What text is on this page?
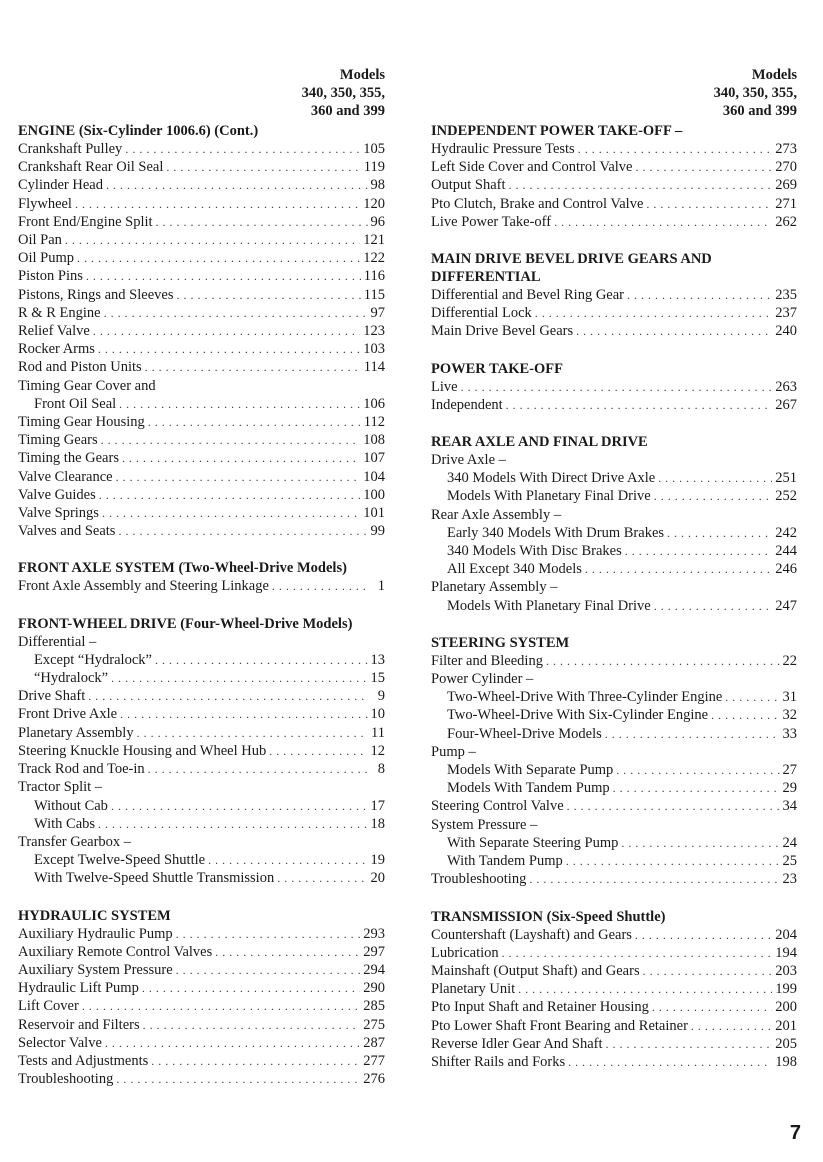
Models
340, 350, 355,
360 and 399
ENGINE (Six-Cylinder 1006.6) (Cont.)
Crankshaft Pulley . . .	105
Crankshaft Rear Oil Seal . . .	119
Cylinder Head . . .	98
Flywheel . . .	120
Front End/Engine Split . . .	96
Oil Pan . . .	121
Oil Pump . . .	122
Piston Pins . . .	116
Pistons, Rings and Sleeves . . .	115
R & R Engine . . .	97
Relief Valve . . .	123
Rocker Arms . . .	103
Rod and Piston Units . . .	114
Timing Gear Cover and
Front Oil Seal . . .	106
Timing Gear Housing . . .	112
Timing Gears . . .	108
Timing the Gears . . .	107
Valve Clearance . . .	104
Valve Guides . . .	100
Valve Springs . . .	101
Valves and Seats . . .	99
FRONT AXLE SYSTEM (Two-Wheel-Drive Models)
Front Axle Assembly and Steering Linkage . . .	1
FRONT-WHEEL DRIVE (Four-Wheel-Drive Models)
Differential –
Except “Hydralock” . . .	13
“Hydralock” . . .	15
Drive Shaft . . .	9
Front Drive Axle . . .	10
Planetary Assembly . . .	11
Steering Knuckle Housing and Wheel Hub . . .	12
Track Rod and Toe-in . . .	8
Tractor Split –
Without Cab . . .	17
With Cabs . . .	18
Transfer Gearbox –
Except Twelve-Speed Shuttle . . .	19
With Twelve-Speed Shuttle Transmission . . .	20
HYDRAULIC SYSTEM
Auxiliary Hydraulic Pump . . .	293
Auxiliary Remote Control Valves . . .	297
Auxiliary System Pressure . . .	294
Hydraulic Lift Pump . . .	290
Lift Cover . . .	285
Reservoir and Filters . . .	275
Selector Valve . . .	287
Tests and Adjustments . . .	277
Troubleshooting . . .	276
Models
340, 350, 355,
360 and 399
INDEPENDENT POWER TAKE-OFF –
Hydraulic Pressure Tests . . .	273
Left Side Cover and Control Valve . . .	270
Output Shaft . . .	269
Pto Clutch, Brake and Control Valve . . .	271
Live Power Take-off . . .	262
MAIN DRIVE BEVEL DRIVE GEARS AND DIFFERENTIAL
Differential and Bevel Ring Gear . . .	235
Differential Lock . . .	237
Main Drive Bevel Gears . . .	240
POWER TAKE-OFF
Live . . .	263
Independent . . .	267
REAR AXLE AND FINAL DRIVE
Drive Axle –
340 Models With Direct Drive Axle . . .	251
Models With Planetary Final Drive . . .	252
Rear Axle Assembly –
Early 340 Models With Drum Brakes . . .	242
340 Models With Disc Brakes . . .	244
All Except 340 Models . . .	246
Planetary Assembly –
Models With Planetary Final Drive . . .	247
STEERING SYSTEM
Filter and Bleeding . . .	22
Power Cylinder –
Two-Wheel-Drive With Three-Cylinder Engine . . .	31
Two-Wheel-Drive With Six-Cylinder Engine . . .	32
Four-Wheel-Drive Models . . .	33
Pump –
Models With Separate Pump . . .	27
Models With Tandem Pump . . .	29
Steering Control Valve . . .	34
System Pressure –
With Separate Steering Pump . . .	24
With Tandem Pump . . .	25
Troubleshooting . . .	23
TRANSMISSION (Six-Speed Shuttle)
Countershaft (Layshaft) and Gears . . .	204
Lubrication . . .	194
Mainshaft (Output Shaft) and Gears . . .	203
Planetary Unit . . .	199
Pto Input Shaft and Retainer Housing . . .	200
Pto Lower Shaft Front Bearing and Retainer . . .	201
Reverse Idler Gear And Shaft . . .	205
Shifter Rails and Forks . . .	198
7
